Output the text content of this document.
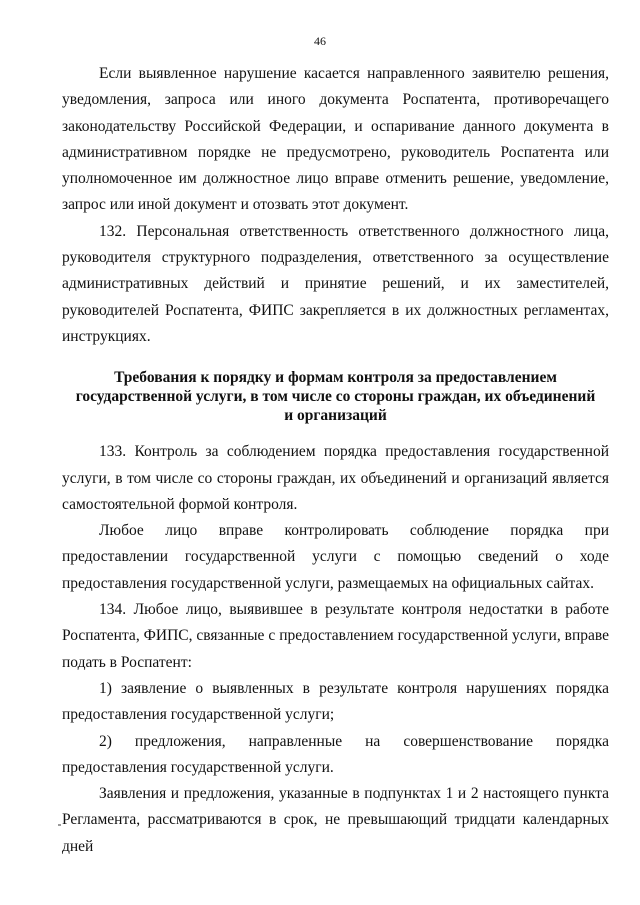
46

Если выявленное нарушение касается направленного заявителю решения, уведомления, запроса или иного документа Роспатента, противоречащего законодательству Российской Федерации, и оспаривание данного документа в административном порядке не предусмотрено, руководитель Роспатента или уполномоченное им должностное лицо вправе отменить решение, уведомление, запрос или иной документ и отозвать этот документ.

132. Персональная ответственность ответственного должностного лица, руководителя структурного подразделения, ответственного за осуществление административных действий и принятие решений, и их заместителей, руководителей Роспатента, ФИПС закрепляется в их должностных регламентах, инструкциях.

Требования к порядку и формам контроля за предоставлением
государственной услуги, в том числе со стороны граждан, их объединений
и организаций

133. Контроль за соблюдением порядка предоставления государственной услуги, в том числе со стороны граждан, их объединений и организаций является самостоятельной формой контроля.

Любое лицо вправе контролировать соблюдение порядка при предоставлении государственной услуги с помощью сведений о ходе предоставления государственной услуги, размещаемых на официальных сайтах.

134. Любое лицо, выявившее в результате контроля недостатки в работе Роспатента, ФИПС, связанные с предоставлением государственной услуги, вправе подать в Роспатент:

1) заявление о выявленных в результате контроля нарушениях порядка предоставления государственной услуги;

2) предложения, направленные на совершенствование порядка предоставления государственной услуги.

Заявления и предложения, указанные в подпунктах 1 и 2 настоящего пункта Регламента, рассматриваются в срок, не превышающий тридцати календарных дней
